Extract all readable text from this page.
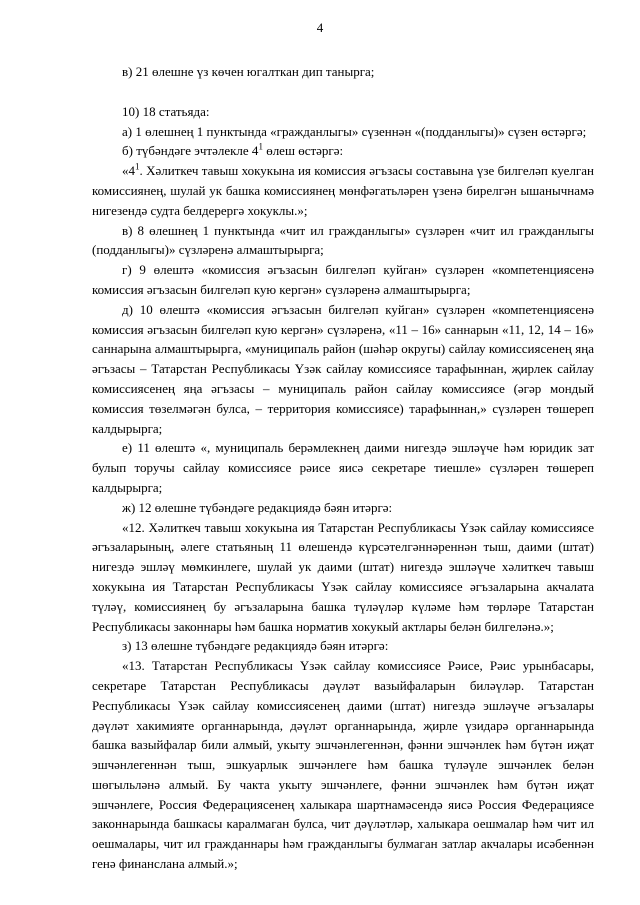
4

в) 21 өлешне үз көчен югалткан дип танырга;

10) 18 статьяда:

а) 1 өлешнең 1 пунктында «гражданлыгы» сүзеннән «(подданлыгы)» сүзен өстәргә;

б) түбәндәге эчтәлекле $4^1$ өлеш өстәргә:

«$4^1$. Хәлиткеч тавыш хокукына ия комиссия әгъзасы составына үзе билгеләп куелган комиссиянең, шулай ук башка комиссиянең мөнфәгатьләрен үзенә бирелгән ышанычнамә нигезендә судта белдерергә хокуклы.»;

в) 8 өлешнең 1 пунктында «чит ил гражданлыгы» сүзләрен «чит ил гражданлыгы (подданлыгы)» сүзләренә алмаштырырга;

г) 9 өлештә «комиссия әгъзасын билгеләп куйган» сүзләрен «компетенциясенә комиссия әгъзасын билгеләп кую кергән» сүзләренә алмаштырырга;

д) 10 өлештә «комиссия әгъзасын билгеләп куйган» сүзләрен «компетенциясенә комиссия әгъзасын билгеләп кую кергән» сүзләренә, «11 – 16» саннарын «11, 12, 14 – 16» саннарына алмаштырырга, «муниципаль район (шәһәр округы) сайлау комиссиясенең яңа әгъзасы – Татарстан Республикасы Үзәк сайлау комиссиясе тарафыннан, җирлек сайлау комиссиясенең яңа әгъзасы – муниципаль район сайлау комиссиясе (әгәр мондый комиссия төзелмәгән булса, – территория комиссиясе) тарафыннан,» сүзләрен төшереп калдырырга;

е) 11 өлештә «, муниципаль берәмлекнең даими нигездә эшләүче һәм юридик зат булып торучы сайлау комиссиясе рәисе яисә секретаре тиешле» сүзләрен төшереп калдырырга;

ж) 12 өлешне түбәндәге редакциядә бәян итәргә:

«12. Хәлиткеч тавыш хокукына ия Татарстан Республикасы Үзәк сайлау комиссиясе әгъзаларының, әлеге статьяның 11 өлешендә күрсәтелгәннәреннән тыш, даими (штат) нигездә эшләү мөмкинлеге, шулай ук даими (штат) нигездә эшләүче хәлиткеч тавыш хокукына ия Татарстан Республикасы Үзәк сайлау комиссиясе әгъзаларына акчалата түләү, комиссиянең бу әгъзаларына башка түләүләр күләме һәм төрләре Татарстан Республикасы законнары һәм башка норматив хокукый актлары белән билгеләнә.»;

з) 13 өлешне түбәндәге редакциядә бәян итәргә:

«13. Татарстан Республикасы Үзәк сайлау комиссиясе Рәисе, Рәис урынбасары, секретаре Татарстан Республикасы дәүләт вазыйфаларын биләүләр. Татарстан Республикасы Үзәк сайлау комиссиясенең даими (штат) нигездә эшләүче әгъзалары дәүләт хакимияте органнарында, дәүләт органнарында, җирле үзидарә органнарында башка вазыйфалар били алмый, укыту эшчәнлегеннән, фәнни эшчәнлек һәм бүтән иҗат эшчәнлегеннән тыш, эшкуарлык эшчәнлеге һәм башка түләүле эшчәнлек белән шөгыльләнә алмый. Бу чакта укыту эшчәнлеге, фәнни эшчәнлек һәм бүтән иҗат эшчәнлеге, Россия Федерациясенең халыкара шартнамәсендә яисә Россия Федерациясе законнарында башкасы каралмаган булса, чит дәүләтләр, халыкара оешмалар һәм чит ил оешмалары, чит ил гражданнары һәм гражданлыгы булмаган затлар акчалары исәбеннән генә финансланa алмый.»;
